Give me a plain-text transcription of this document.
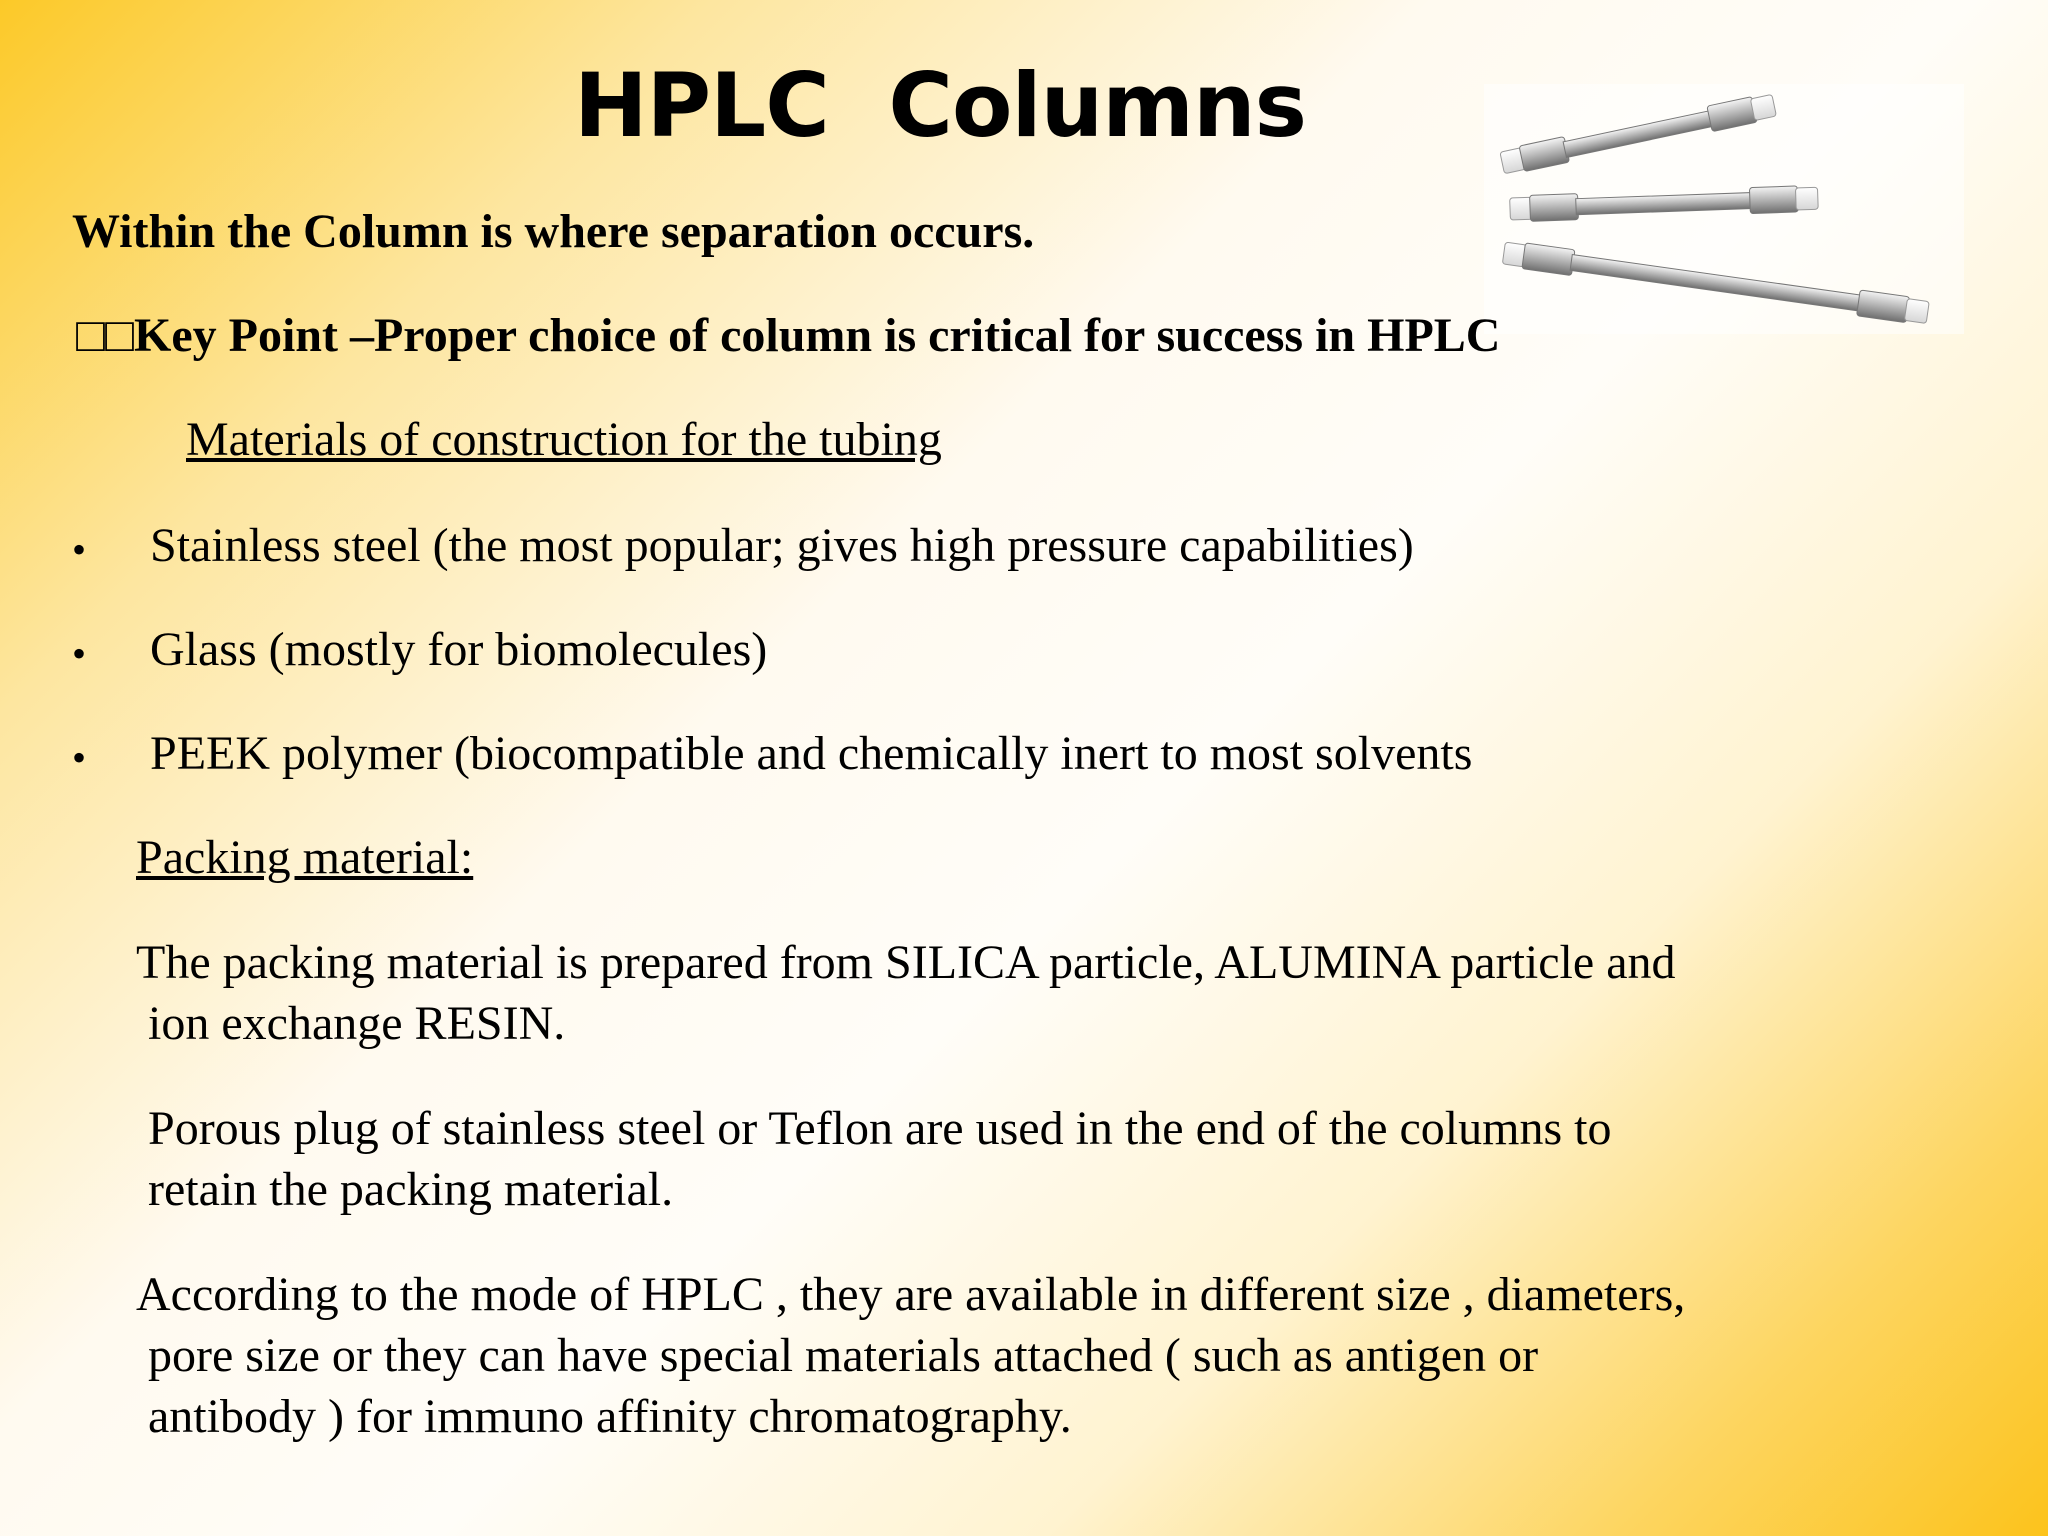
HPLC Columns
Within the Column is where separation occurs.
□□Key Point –Proper choice of column is critical for success in HPLC
Materials of construction for the tubing
• Stainless steel (the most popular; gives high pressure capabilities)
• Glass (mostly for biomolecules)
• PEEK polymer (biocompatible and chemically inert to most solvents
Packing material:
The packing material is prepared from SILICA particle, ALUMINA particle and
ion exchange RESIN.
Porous plug of stainless steel or Teflon are used in the end of the columns to
retain the packing material.
According to the mode of HPLC , they are available in different size , diameters,
pore size or they can have special materials attached ( such as antigen or
antibody ) for immuno affinity chromatography.
